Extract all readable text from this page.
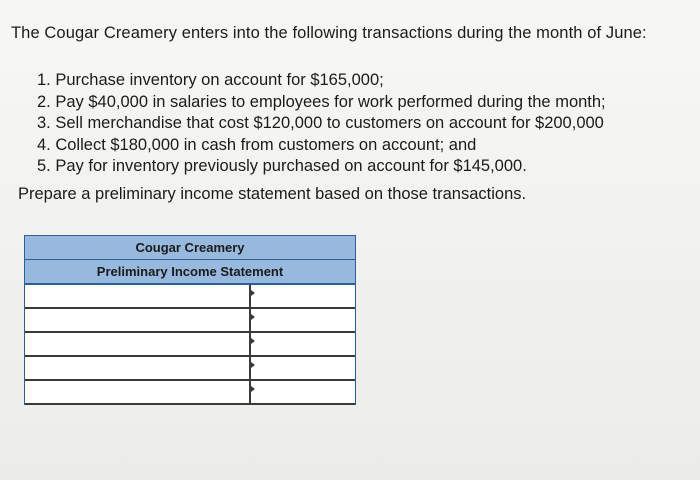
The Cougar Creamery enters into the following transactions during the month of June:
1. Purchase inventory on account for $165,000;
2. Pay $40,000 in salaries to employees for work performed during the month;
3. Sell merchandise that cost $120,000 to customers on account for $200,000
4. Collect $180,000 in cash from customers on account; and
5. Pay for inventory previously purchased on account for $145,000.
Prepare a preliminary income statement based on those transactions.
Cougar Creamery
Preliminary Income Statement
